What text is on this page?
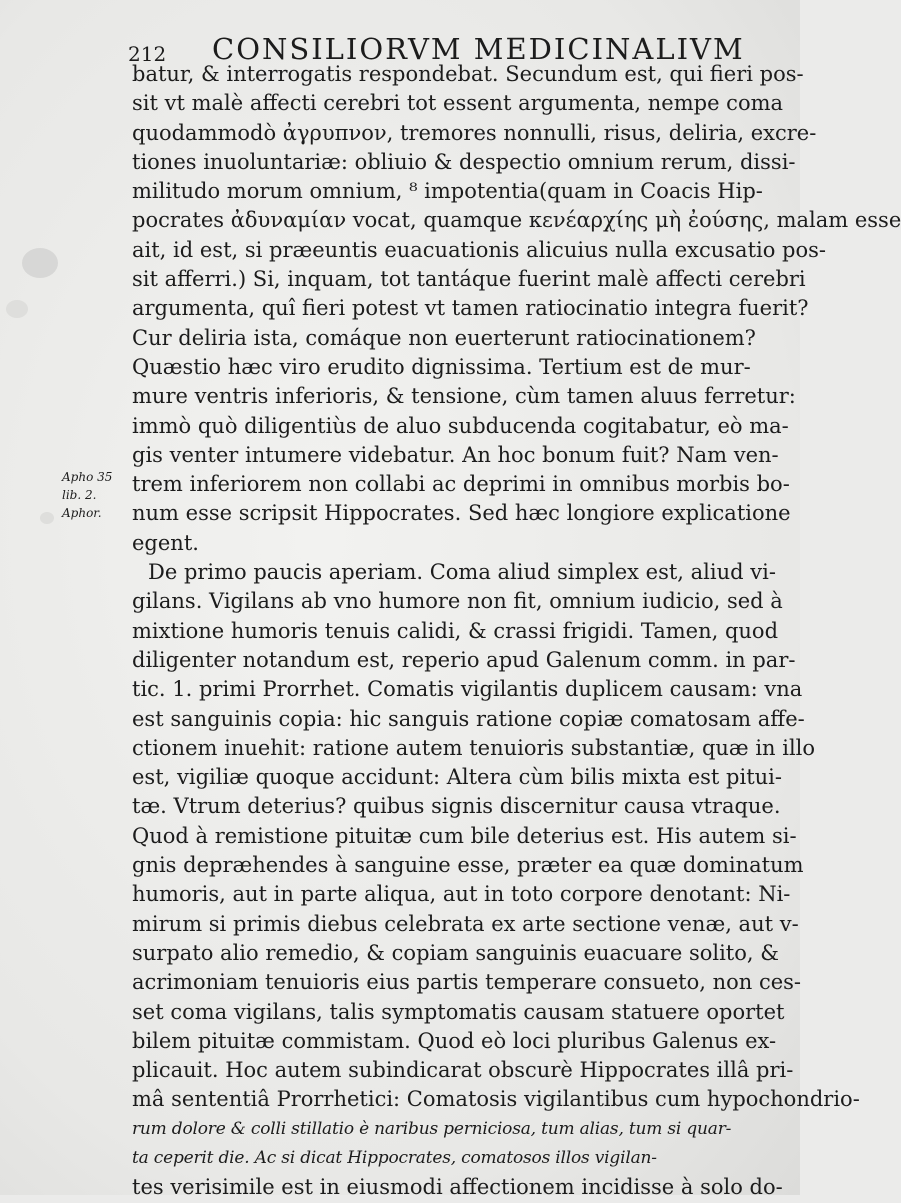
212 CONSILIORVM MEDICINALIVM
Apho 35
lib. 2.
Aphor.
batur, & interrogatis respondebat. Secundum est, qui fieri pos-
sit vt malè affecti cerebri tot essent argumenta, nempe coma
quodammodò ἀγρυπνον, tremores nonnulli, risus, deliria, excre-
tiones inuoluntariæ: obliuio & despectio omnium rerum, dissi-
militudo morum omnium, ⁸ impotentia(quam in Coacis Hip-
pocrates ἀδυναμίαν vocat, quamque κενέαρχίης μὴ ἐούσης, malam esse
ait, id est, si præeuntis euacuationis alicuius nulla excusatio pos-
sit afferri.) Si, inquam, tot tantáque fuerint malè affecti cerebri
argumenta, quî fieri potest vt tamen ratiocinatio integra fuerit?
Cur deliria ista, comáque non euerterunt ratiocinationem?
Quæstio hæc viro erudito dignissima. Tertium est de mur-
mure ventris inferioris, & tensione, cùm tamen aluus ferretur:
immò quò diligentiùs de aluo subducenda cogitabatur, eò ma-
gis venter intumere videbatur. An hoc bonum fuit? Nam ven-
trem inferiorem non collabi ac deprimi in omnibus morbis bo-
num esse scripsit Hippocrates. Sed hæc longiore explicatione
egent.
De primo paucis aperiam. Coma aliud simplex est, aliud vi-
gilans. Vigilans ab vno humore non fit, omnium iudicio, sed à
mixtione humoris tenuis calidi, & crassi frigidi. Tamen, quod
diligenter notandum est, reperio apud Galenum comm. in par-
tic. 1. primi Prorrhet. Comatis vigilantis duplicem causam: vna
est sanguinis copia: hic sanguis ratione copiæ comatosam affe-
ctionem inuehit: ratione autem tenuioris substantiæ, quæ in illo
est, vigiliæ quoque accidunt: Altera cùm bilis mixta est pitui-
tæ. Vtrum deterius? quibus signis discernitur causa vtraque.
Quod à remistione pituitæ cum bile deterius est. His autem si-
gnis depræhendes à sanguine esse, præter ea quæ dominatum
humoris, aut in parte aliqua, aut in toto corpore denotant: Ni-
mirum si primis diebus celebrata ex arte sectione venæ, aut v-
surpato alio remedio, & copiam sanguinis euacuare solito, &
acrimoniam tenuioris eius partis temperare consueto, non ces-
set coma vigilans, talis symptomatis causam statuere oportet
bilem pituitæ commistam. Quod eò loci pluribus Galenus ex-
plicauit. Hoc autem subindicarat obscurè Hippocrates illâ pri-
mâ sententiâ Prorrhetici: Comatosis vigilantibus cum hypochondrio-
rum dolore & colli stillatio è naribus perniciosa, tum alias, tum si quar-
ta ceperit die. Ac si dicat Hippocrates, comatosos illos vigilan-
tes verisimile est in eiusmodi affectionem incidisse à solo do-
